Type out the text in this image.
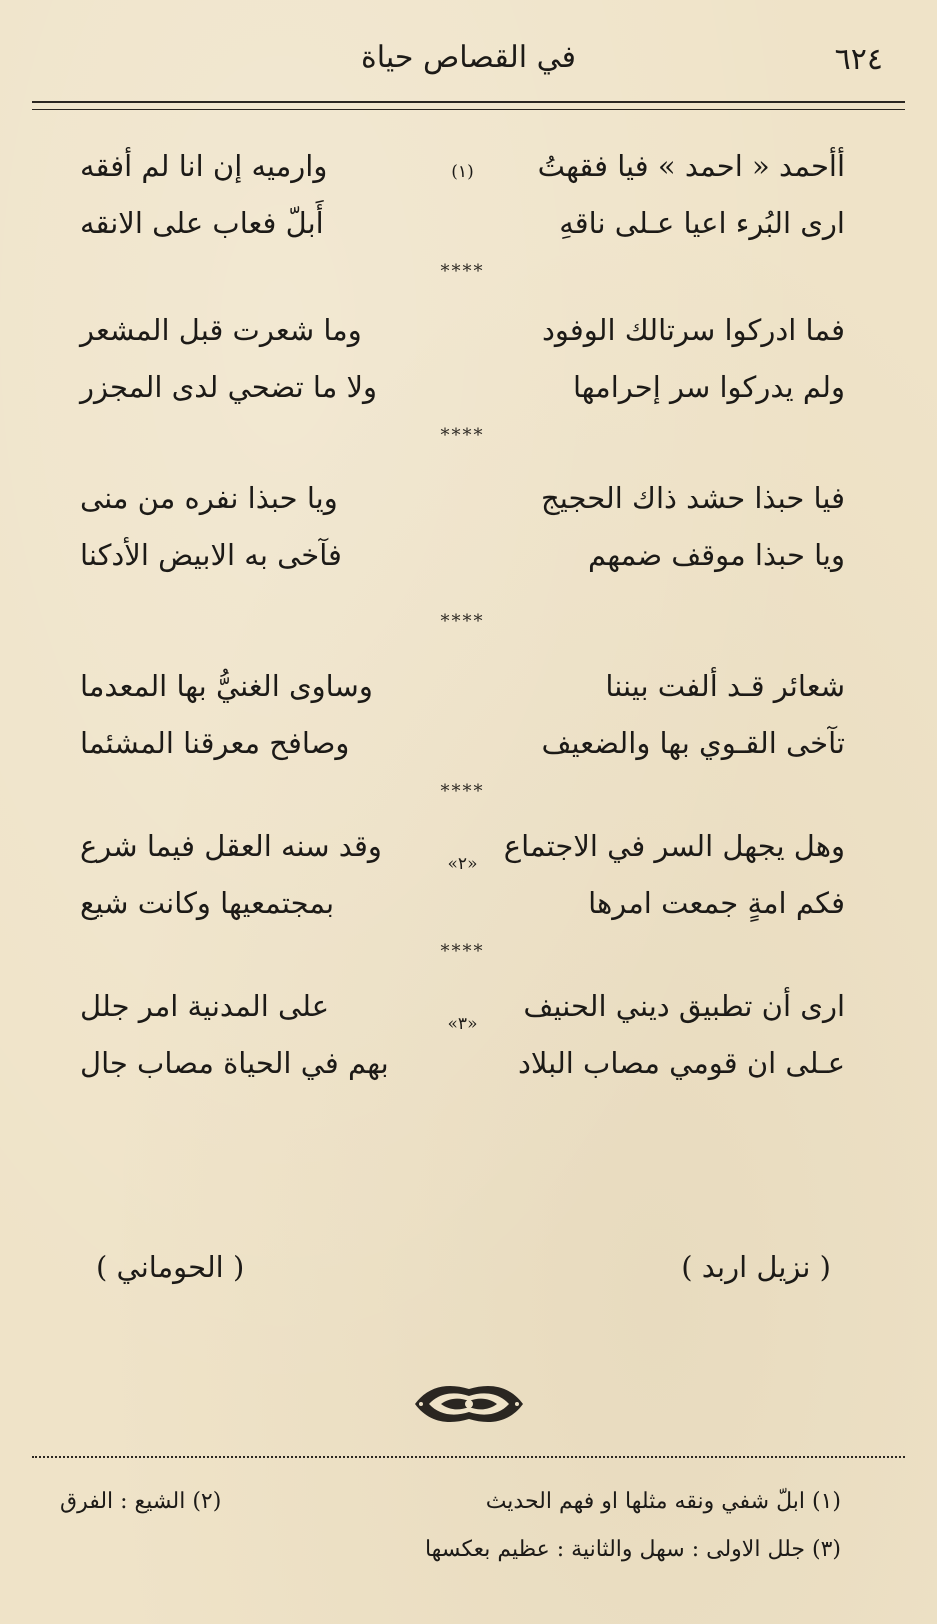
٦٢٤
في القصاص حياة
أأحمد « احمد » فيا فقهتُ
(١)
وارميه إن انا لم أفقه
ارى البُرء اعيا عـلى ناقهِ
أَبلّ فعاب على الانقه
****
فما ادركوا سرتالك الوفود
وما شعرت قبل المشعر
ولم يدركوا سر إحرامها
ولا ما تضحي لدى المجزر
****
فيا حبذا حشد ذاك الحجيج
ويا حبذا نفره من منى
ويا حبذا موقف ضمهم
فآخى به الابيض الأدكنا
****
شعائر قـد ألفت بيننا
وساوى الغنيُّ بها المعدما
تآخى القـوي بها والضعيف
وصافح معرقنا المشئما
****
وهل يجهل السر في الاجتماع
«٢»
وقد سنه العقل فيما شرع
فكم امةٍ جمعت امرها
بمجتمعيها وكانت شيع
****
ارى أن تطبيق ديني الحنيف
«٣»
على المدنية امر جلل
عـلى ان قومي مصاب البلاد
بهم في الحياة مصاب جال
( نزيل اربد )
( الحوماني )
(١) ابلّ شفي ونقه مثلها او فهم الحديث
(٢) الشيع : الفرق
(٣) جلل الاولى : سهل والثانية : عظيم بعكسها
